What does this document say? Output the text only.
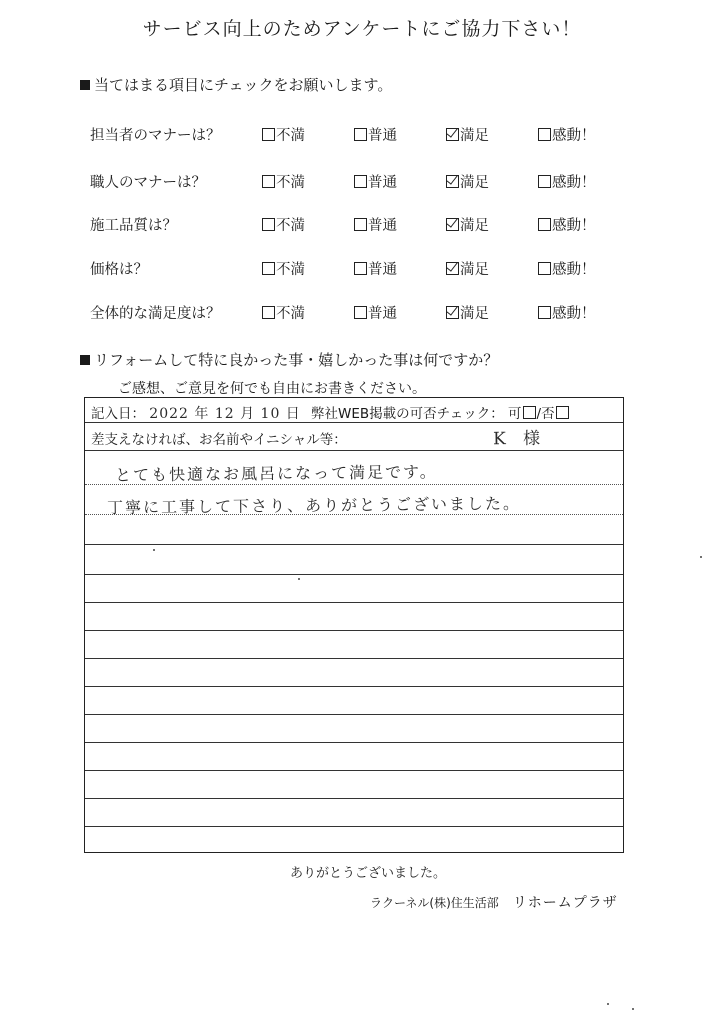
サービス向上のためアンケートにご協力下さい！
当てはまる項目にチェックをお願いします。
担当者のマナーは？	不満	普通	満足	感動！
職人のマナーは？	不満	普通	満足	感動！
施工品質は？	不満	普通	満足	感動！
価格は？	不満	普通	満足	感動！
全体的な満足度は？	不満	普通	満足	感動！
リフォームして特に良かった事・嬉しかった事は何ですか？
ご感想、ご意見を何でも自由にお書きください。
記入日： 2022 年 12 月 10 日 弊社WEB掲載の可否チェック： 可 /否
差支えなければ、お名前やイニシャル等：	K 様
とても快適なお風呂になって満足です。
丁寧に工事して下さり、ありがとうございました。
ありがとうございました。
ラクーネル(株)住生活部 リホームプラザ
